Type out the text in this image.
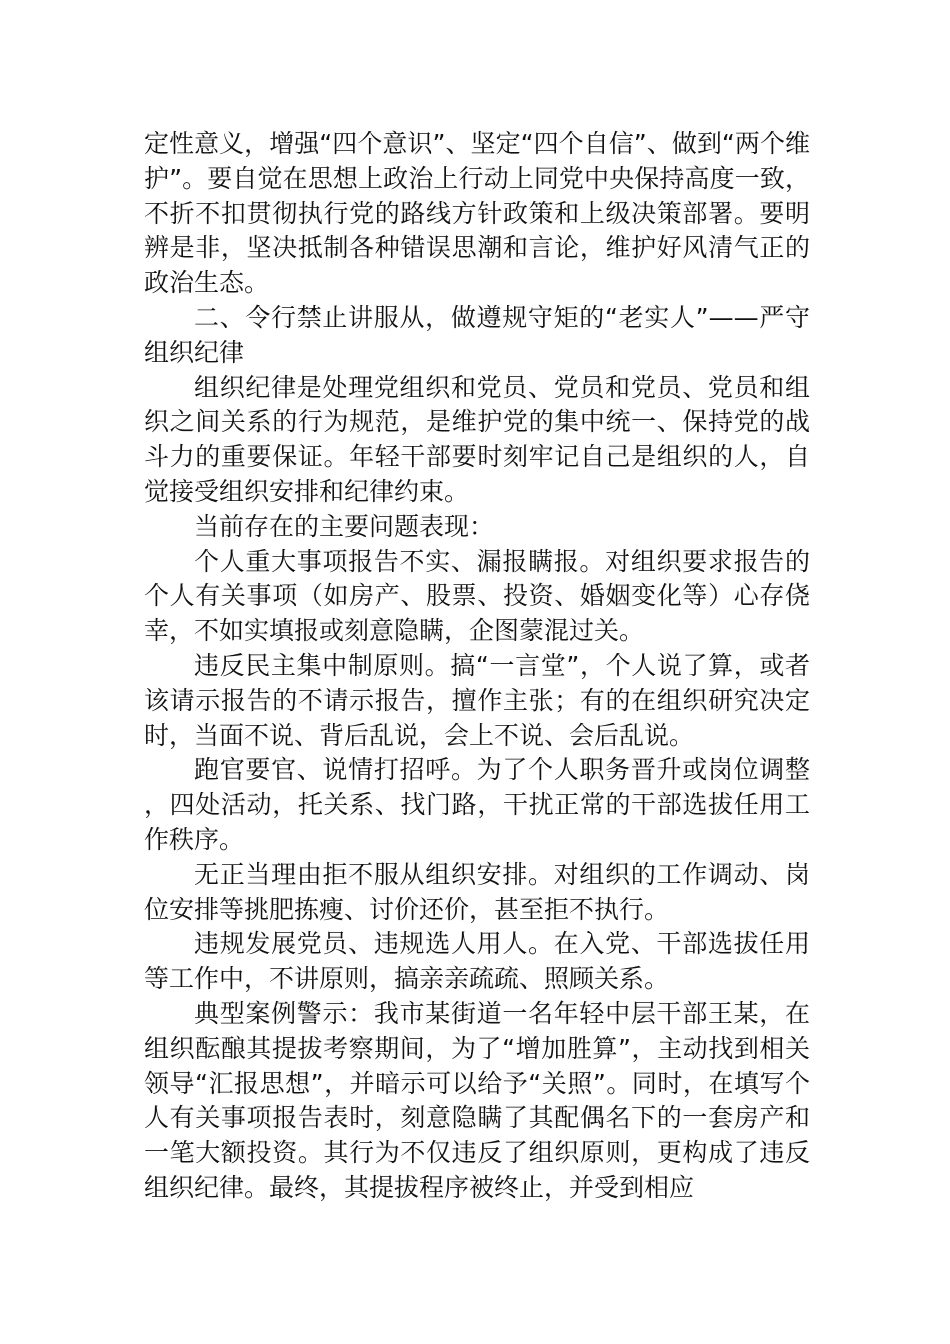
定性意义，增强“四个意识”、坚定“四个自信”、做到“两个维护”。要自觉在思想上政治上行动上同党中央保持高度一致，不折不扣贯彻执行党的路线方针政策和上级决策部署。要明辨是非，坚决抵制各种错误思潮和言论，维护好风清气正的政治生态。

二、令行禁止讲服从，做遵规守矩的“老实人”——严守组织纪律

组织纪律是处理党组织和党员、党员和党员、党员和组织之间关系的行为规范，是维护党的集中统一、保持党的战斗力的重要保证。年轻干部要时刻牢记自己是组织的人，自觉接受组织安排和纪律约束。

当前存在的主要问题表现：

个人重大事项报告不实、漏报瞒报。对组织要求报告的个人有关事项（如房产、股票、投资、婚姻变化等）心存侥幸，不如实填报或刻意隐瞒，企图蒙混过关。

违反民主集中制原则。搞“一言堂”，个人说了算，或者该请示报告的不请示报告，擅作主张；有的在组织研究决定时，当面不说、背后乱说，会上不说、会后乱说。

跑官要官、说情打招呼。为了个人职务晋升或岗位调整，四处活动，托关系、找门路，干扰正常的干部选拔任用工作秩序。

无正当理由拒不服从组织安排。对组织的工作调动、岗位安排等挑肥拣瘦、讨价还价，甚至拒不执行。

违规发展党员、违规选人用人。在入党、干部选拔任用等工作中，不讲原则，搞亲亲疏疏、照顾关系。

典型案例警示：我市某街道一名年轻中层干部王某，在组织酝酿其提拔考察期间，为了“增加胜算”，主动找到相关领导“汇报思想”，并暗示可以给予“关照”。同时，在填写个人有关事项报告表时，刻意隐瞒了其配偶名下的一套房产和一笔大额投资。其行为不仅违反了组织原则，更构成了违反组织纪律。最终，其提拔程序被终止，并受到相应
